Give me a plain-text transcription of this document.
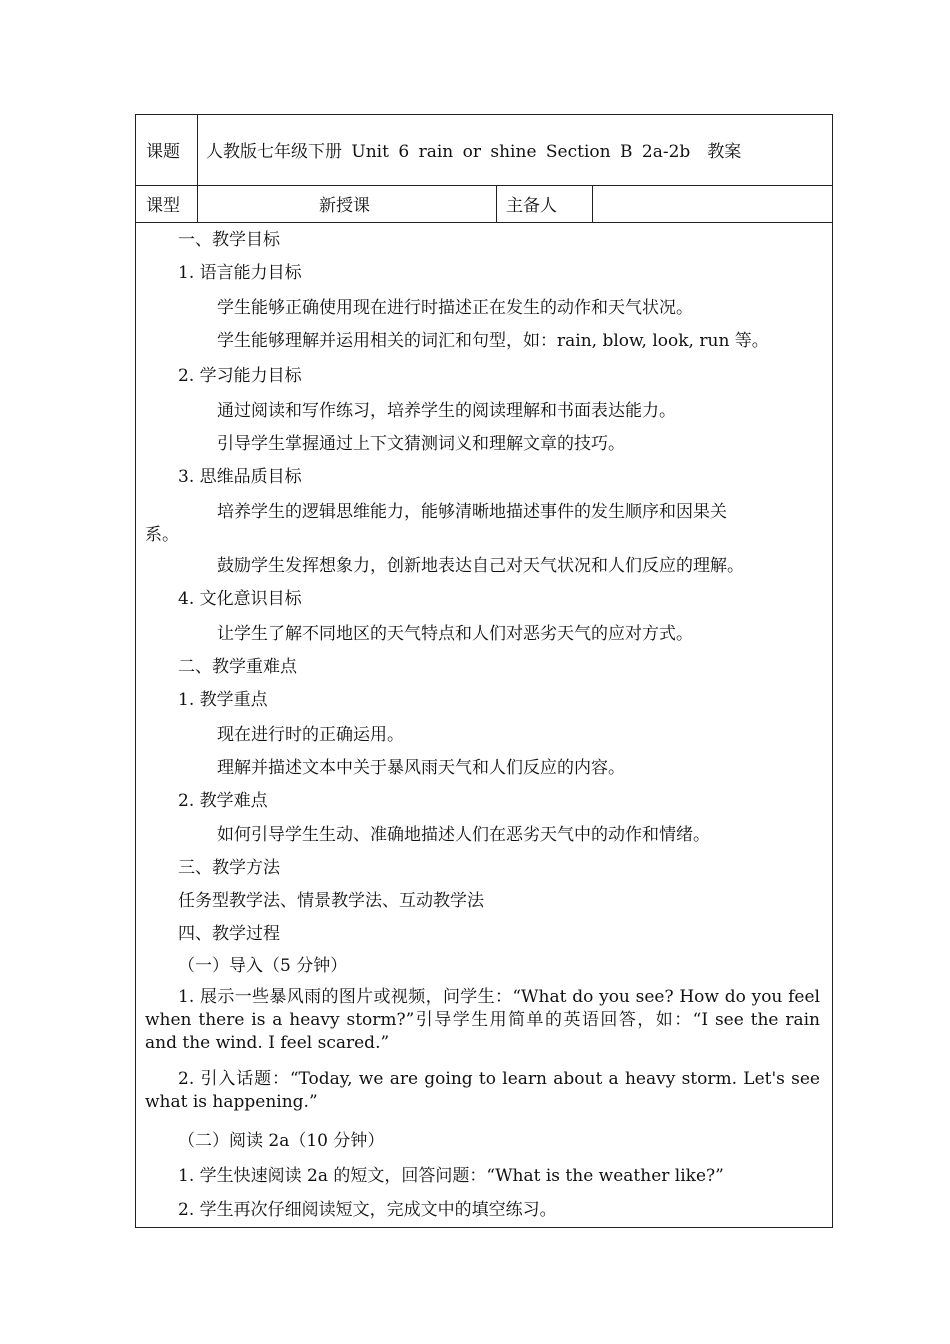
课题 人教版七年级下册 Unit 6 rain or shine Section B 2a-2b　教案
课型	新授课	主备人
一、教学目标
1. 语言能力目标
学生能够正确使用现在进行时描述正在发生的动作和天气状况。
学生能够理解并运用相关的词汇和句型，如：rain, blow, look, run 等。
2. 学习能力目标
通过阅读和写作练习，培养学生的阅读理解和书面表达能力。
引导学生掌握通过上下文猜测词义和理解文章的技巧。
3. 思维品质目标
培养学生的逻辑思维能力，能够清晰地描述事件的发生顺序和因果关
系。
鼓励学生发挥想象力，创新地表达自己对天气状况和人们反应的理解。
4. 文化意识目标
让学生了解不同地区的天气特点和人们对恶劣天气的应对方式。
二、教学重难点
1. 教学重点
现在进行时的正确运用。
理解并描述文本中关于暴风雨天气和人们反应的内容。
2. 教学难点
如何引导学生生动、准确地描述人们在恶劣天气中的动作和情绪。
三、教学方法
任务型教学法、情景教学法、互动教学法
四、教学过程
（一）导入（5 分钟）
1. 展示一些暴风雨的图片或视频，问学生：“What do you see? How do you feel when there is a heavy storm?”引导学生用简单的英语回答，如：“I see the rain and the wind. I feel scared.”
2. 引入话题：“Today, we are going to learn about a heavy storm. Let's see what is happening.”
（二）阅读 2a（10 分钟）
1. 学生快速阅读 2a 的短文，回答问题：“What is the weather like?”
2. 学生再次仔细阅读短文，完成文中的填空练习。
